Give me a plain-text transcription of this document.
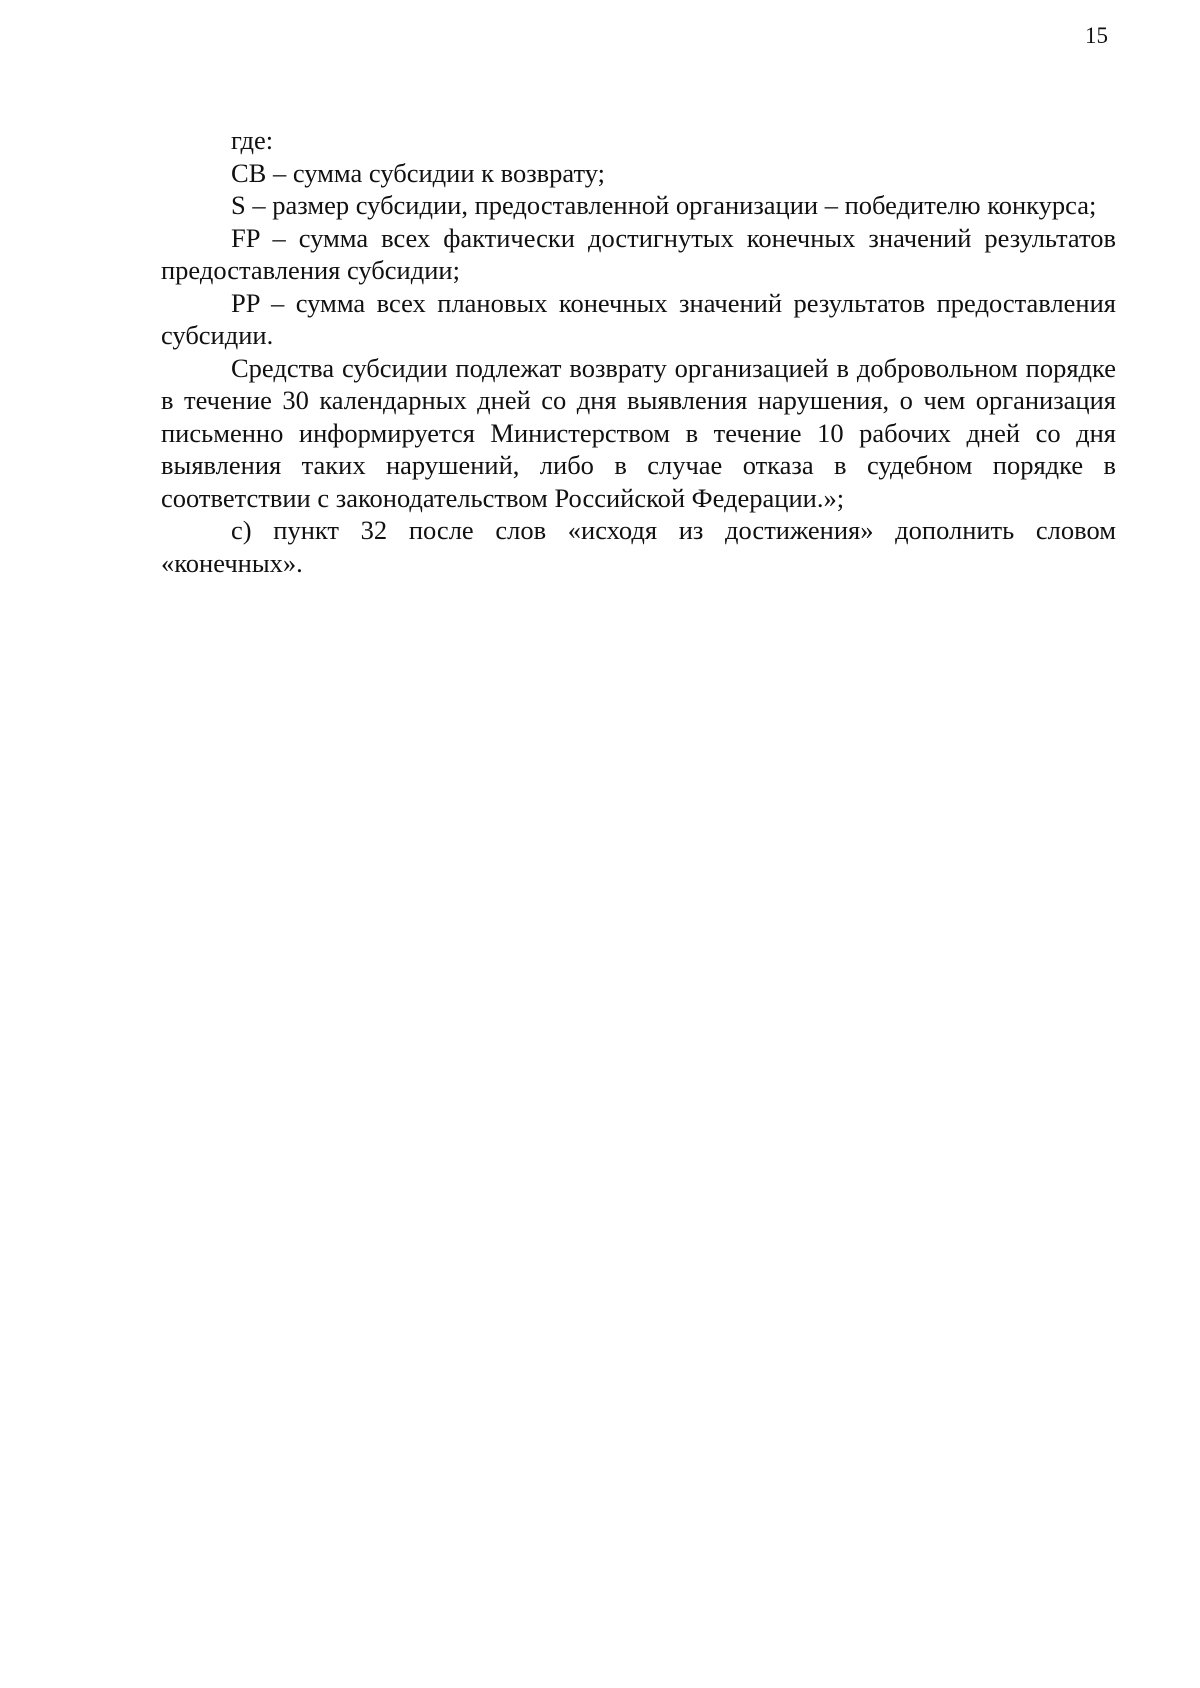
15

где:

СВ – сумма субсидии к возврату;

S – размер субсидии, предоставленной организации – победителю конкурса;

FP – сумма всех фактически достигнутых конечных значений результатов предоставления субсидии;

PP – сумма всех плановых конечных значений результатов предоставления субсидии.

Средства субсидии подлежат возврату организацией в добровольном порядке в течение 30 календарных дней со дня выявления нарушения, о чем организация письменно информируется Министерством в течение 10 рабочих дней со дня выявления таких нарушений, либо в случае отказа в судебном порядке в соответствии с законодательством Российской Федерации.»;

с) пункт 32 после слов «исходя из достижения» дополнить словом «конечных».
